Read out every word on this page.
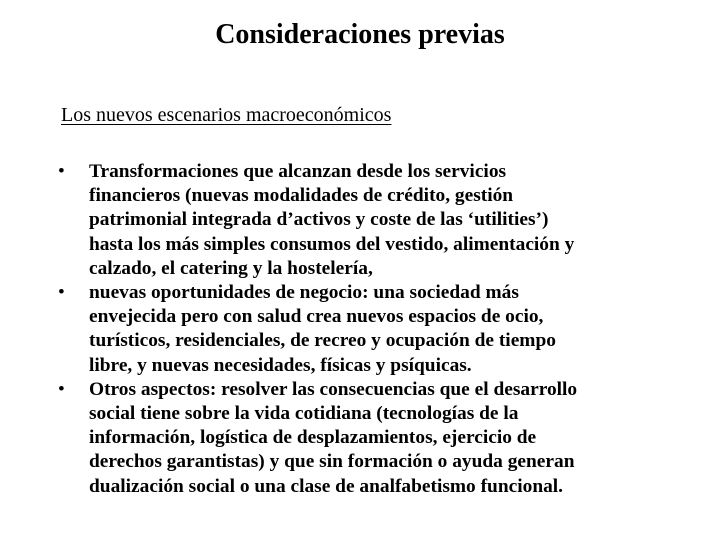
Consideraciones previas
Los nuevos escenarios macroeconómicos
• Transformaciones que alcanzan desde los servicios
financieros (nuevas modalidades de crédito, gestión
patrimonial integrada d’activos y coste de las ‘utilities’)
hasta los más simples consumos del vestido, alimentación y
calzado, el catering y la hostelería,
• nuevas oportunidades de negocio: una sociedad más
envejecida pero con salud crea nuevos espacios de ocio,
turísticos, residenciales, de recreo y ocupación de tiempo
libre, y nuevas necesidades, físicas y psíquicas.
• Otros aspectos: resolver las consecuencias que el desarrollo
social tiene sobre la vida cotidiana (tecnologías de la
información, logística de desplazamientos, ejercicio de
derechos garantistas) y que sin formación o ayuda generan
dualización social o una clase de analfabetismo funcional.
